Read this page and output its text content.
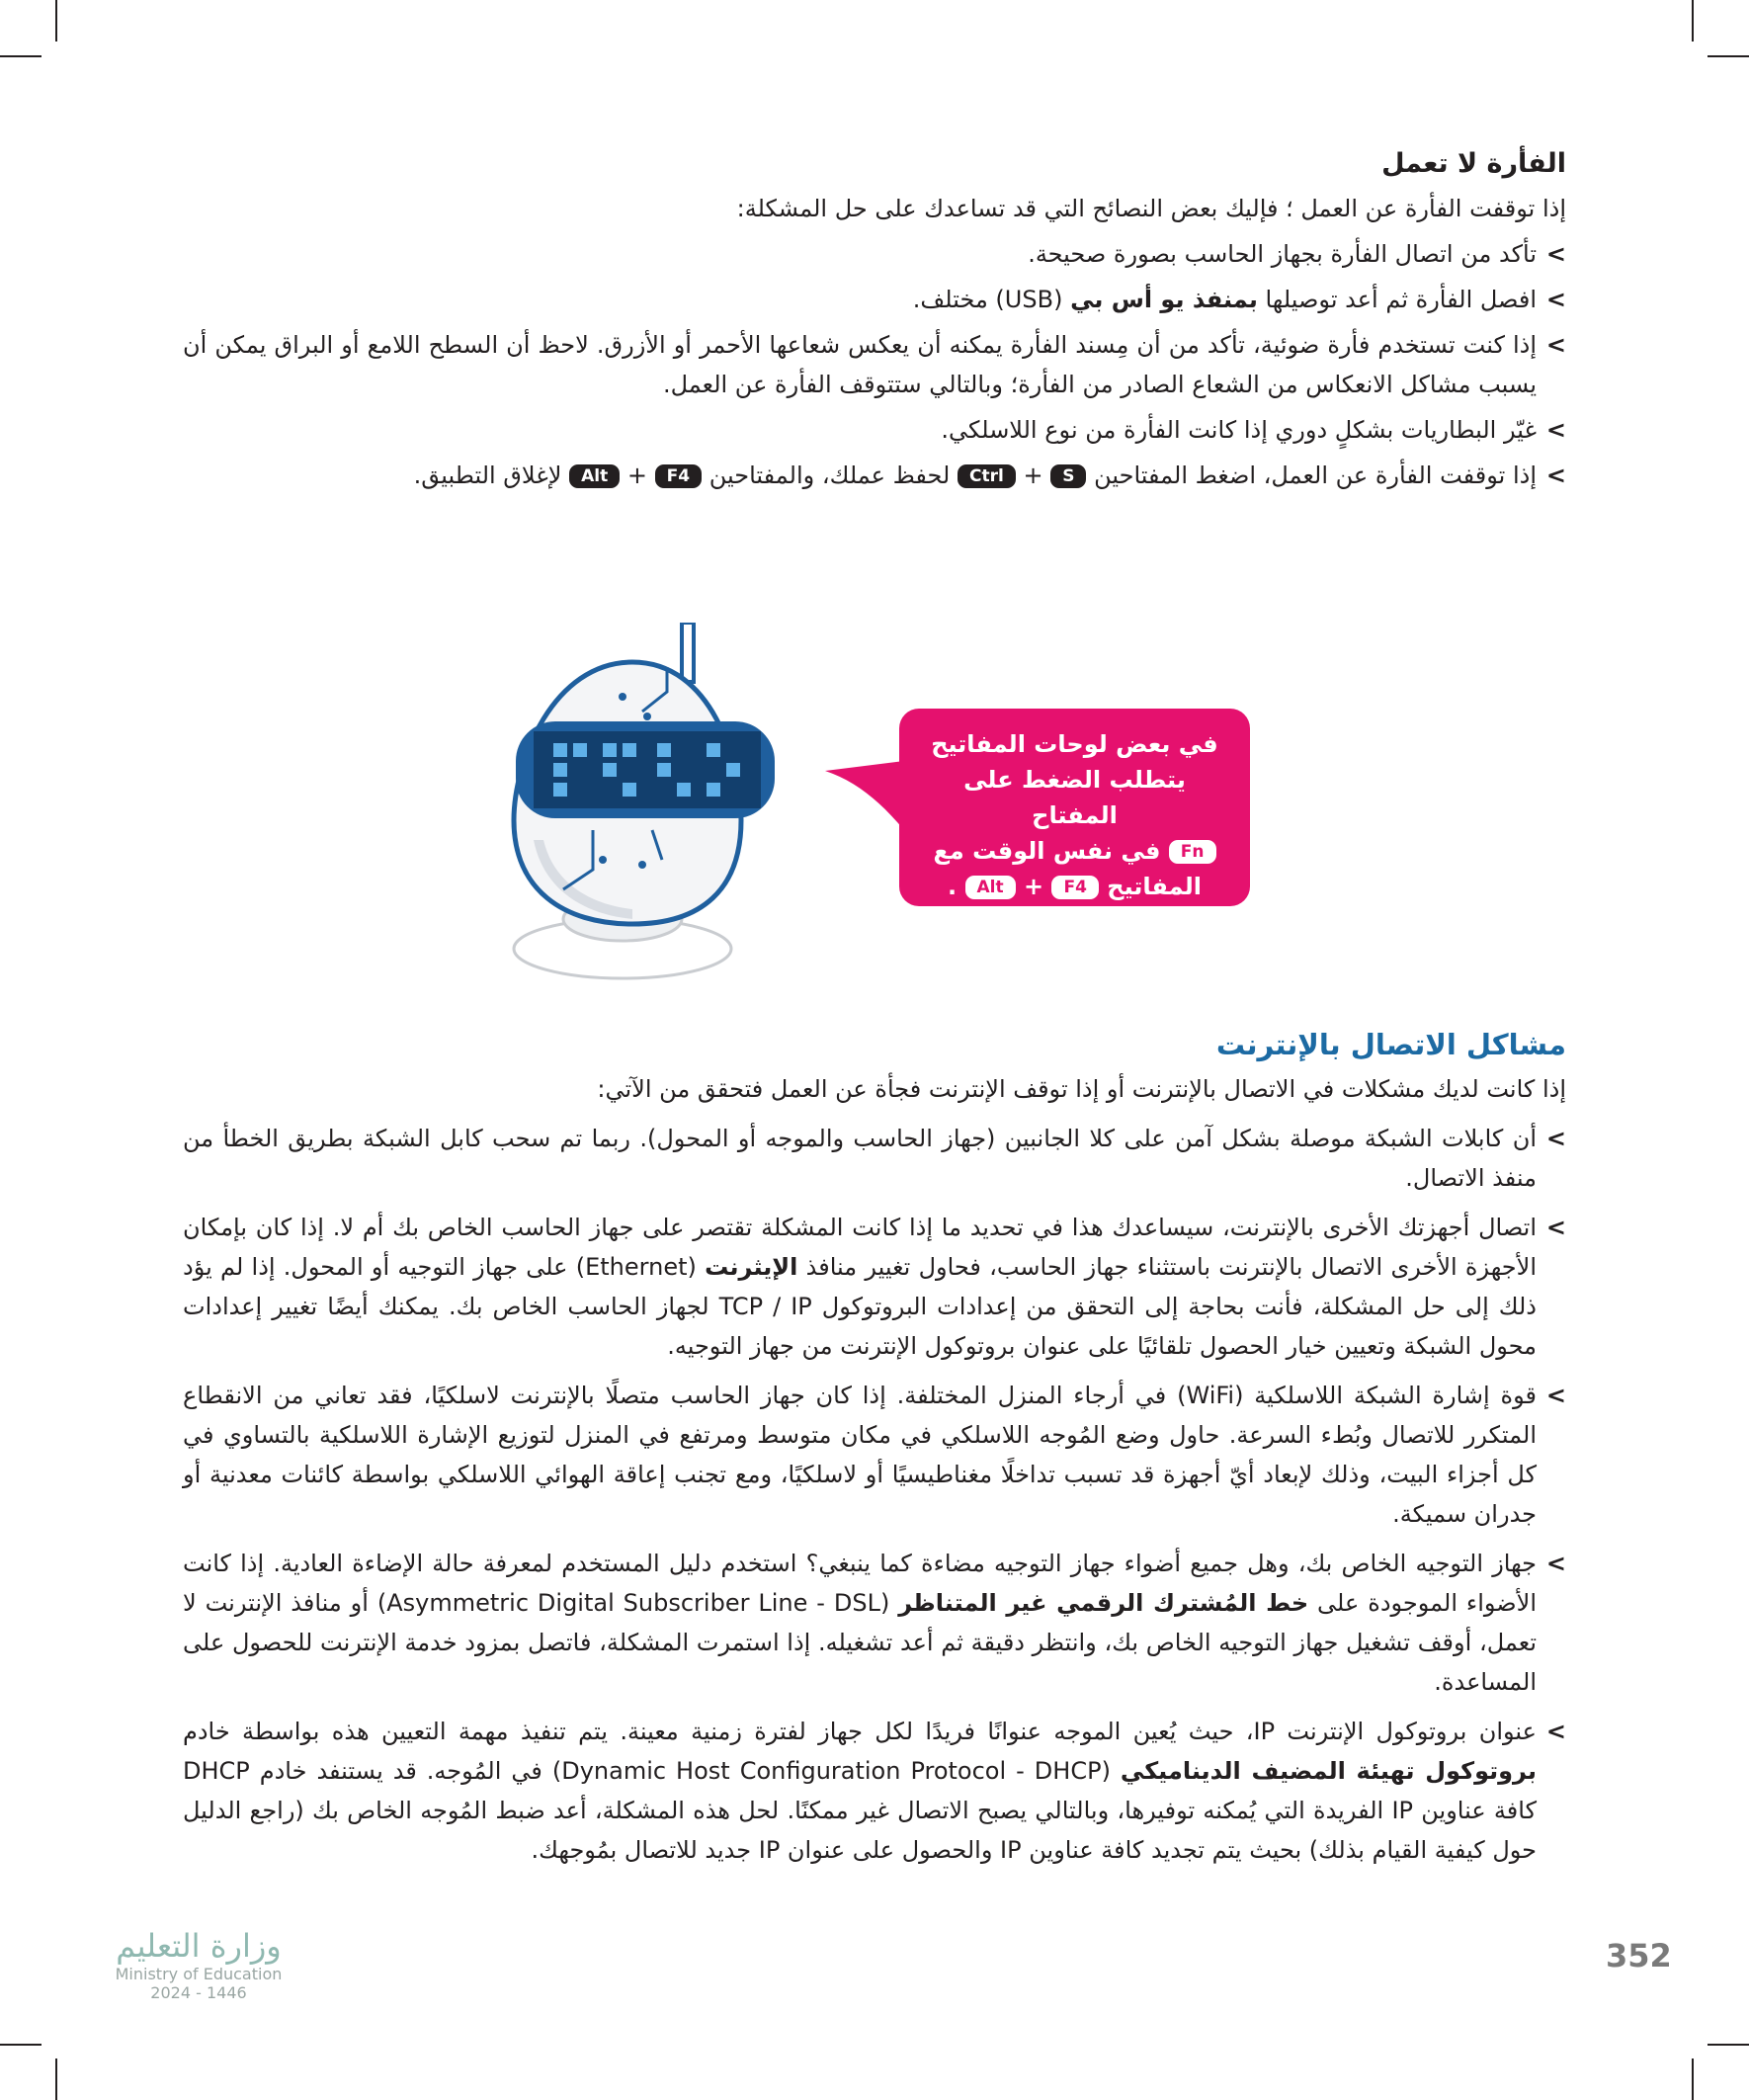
الفأرة لا تعمل

إذا توقفت الفأرة عن العمل ؛ فإليك بعض النصائح التي قد تساعدك على حل المشكلة:

>
تأكد من اتصال الفأرة بجهاز الحاسب بصورة صحيحة.
>
افصل الفأرة ثم أعد توصيلها بمنفذ يو أس بي (USB) مختلف.
>
إذا كنت تستخدم فأرة ضوئية، تأكد من أن مِسند الفأرة يمكنه أن يعكس شعاعها الأحمر أو الأزرق. لاحظ أن السطح اللامع أو البراق يمكن أن يسبب مشاكل الانعكاس من الشعاع الصادر من الفأرة؛ وبالتالي ستتوقف الفأرة عن العمل.
>
غيّر البطاريات بشكلٍ دوري إذا كانت الفأرة من نوع اللاسلكي.
>
إذا توقفت الفأرة عن العمل، اضغط المفتاحين S + Ctrl لحفظ عملك، والمفتاحين F4 + Alt لإغلاق التطبيق.
في بعض لوحات المفاتيح
يتطلب الضغط على المفتاح
Fn في نفس الوقت مع
المفاتيح F4 + Alt .
مشاكل الاتصال بالإنترنت

إذا كانت لديك مشكلات في الاتصال بالإنترنت أو إذا توقف الإنترنت فجأة عن العمل فتحقق من الآتي:

>
أن كابلات الشبكة موصلة بشكل آمن على كلا الجانبين (جهاز الحاسب والموجه أو المحول). ربما تم سحب كابل الشبكة بطريق الخطأ من منفذ الاتصال.
>
اتصال أجهزتك الأخرى بالإنترنت، سيساعدك هذا في تحديد ما إذا كانت المشكلة تقتصر على جهاز الحاسب الخاص بك أم لا. إذا كان بإمكان الأجهزة الأخرى الاتصال بالإنترنت باستثناء جهاز الحاسب، فحاول تغيير منافذ الإيثرنت (Ethernet) على جهاز التوجيه أو المحول. إذا لم يؤد ذلك إلى حل المشكلة، فأنت بحاجة إلى التحقق من إعدادات البروتوكول TCP / IP لجهاز الحاسب الخاص بك. يمكنك أيضًا تغيير إعدادات محول الشبكة وتعيين خيار الحصول تلقائيًا على عنوان بروتوكول الإنترنت من جهاز التوجيه.
>
قوة إشارة الشبكة اللاسلكية (WiFi) في أرجاء المنزل المختلفة. إذا كان جهاز الحاسب متصلًا بالإنترنت لاسلكيًا، فقد تعاني من الانقطاع المتكرر للاتصال وبُطء السرعة. حاول وضع المُوجه اللاسلكي في مكان متوسط ومرتفع في المنزل لتوزيع الإشارة اللاسلكية بالتساوي في كل أجزاء البيت، وذلك لإبعاد أيّ أجهزة قد تسبب تداخلًا مغناطيسيًا أو لاسلكيًا، ومع تجنب إعاقة الهوائي اللاسلكي بواسطة كائنات معدنية أو جدران سميكة.
>
جهاز التوجيه الخاص بك، وهل جميع أضواء جهاز التوجيه مضاءة كما ينبغي؟ استخدم دليل المستخدم لمعرفة حالة الإضاءة العادية. إذا كانت الأضواء الموجودة على خط المُشترك الرقمي غير المتناظر (Asymmetric Digital Subscriber Line - DSL) أو منافذ الإنترنت لا تعمل، أوقف تشغيل جهاز التوجيه الخاص بك، وانتظر دقيقة ثم أعد تشغيله. إذا استمرت المشكلة، فاتصل بمزود خدمة الإنترنت للحصول على المساعدة.
>
عنوان بروتوكول الإنترنت IP، حيث يُعين الموجه عنوانًا فريدًا لكل جهاز لفترة زمنية معينة. يتم تنفيذ مهمة التعيين هذه بواسطة خادم بروتوكول تهيئة المضيف الديناميكي (Dynamic Host Configuration Protocol - DHCP) في المُوجه. قد يستنفد خادم DHCP كافة عناوين IP الفريدة التي يُمكنه توفيرها، وبالتالي يصبح الاتصال غير ممكنًا. لحل هذه المشكلة، أعد ضبط المُوجه الخاص بك (راجع الدليل حول كيفية القيام بذلك) بحيث يتم تجديد كافة عناوين IP والحصول على عنوان IP جديد للاتصال بمُوجهك.
352
وزارة التعليم
Ministry of Education
2024 - 1446
